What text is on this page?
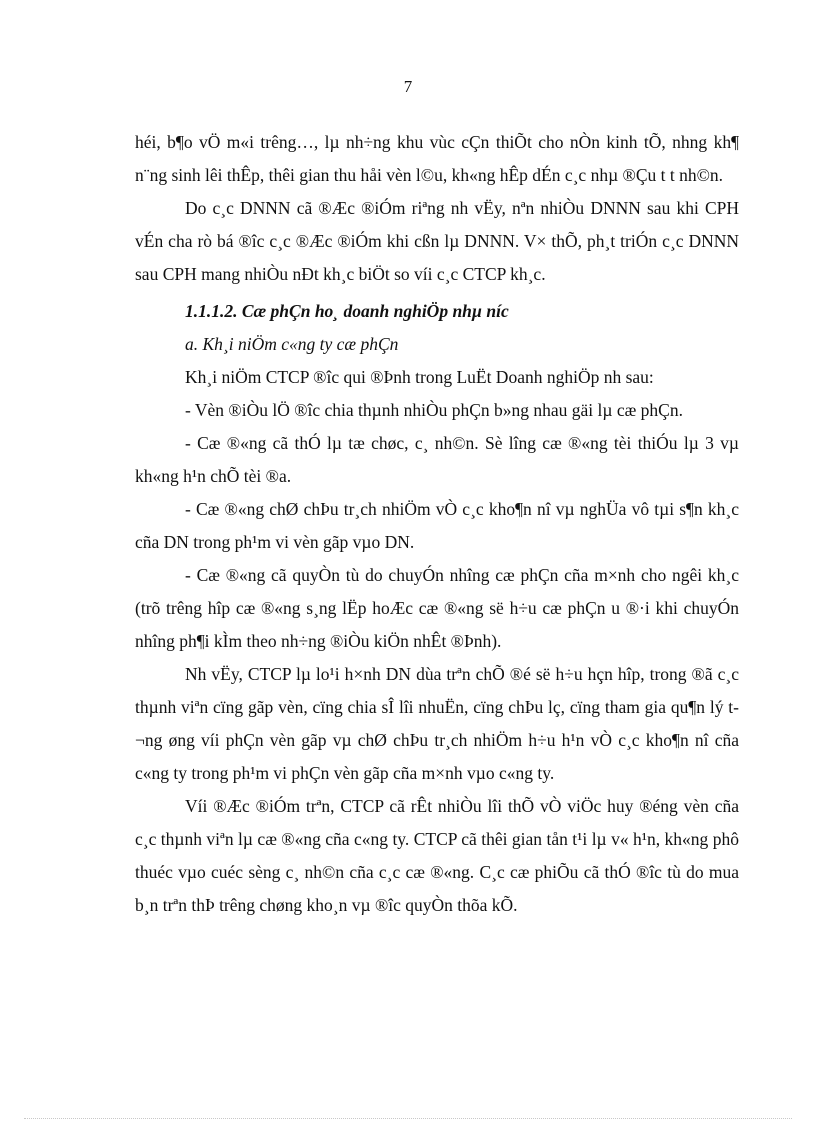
7

héi, b¶o vÖ m«i trêng…, lµ nh÷ng khu vùc cÇn thiÕt cho nÒn kinh tÕ, nhng kh¶ n¨ng sinh lêi thÊp, thêi gian thu håi vèn l©u, kh«ng hÊp dÉn c¸c nhµ ®Çu t t nh©n.

Do c¸c DNNN cã ®Æc ®iÓm riªng nh vËy, nªn nhiÒu DNNN sau khi CPH vÉn cha rò bá ®îc c¸c ®Æc ®iÓm khi cßn lµ DNNN. V× thÕ, ph¸t triÓn c¸c DNNN sau CPH mang nhiÒu nÐt kh¸c biÖt so víi c¸c CTCP kh¸c.

1.1.1.2. Cæ phÇn ho¸ doanh nghiÖp nhµ níc

a. Kh¸i niÖm c«ng ty cæ phÇn

Kh¸i niÖm CTCP ®îc qui ®Þnh trong LuËt Doanh nghiÖp nh sau:

- Vèn ®iÒu lÖ ®îc chia thµnh nhiÒu phÇn b»ng nhau gäi lµ cæ phÇn.

- Cæ ®«ng cã thÓ lµ tæ chøc, c¸ nh©n. Sè lîng cæ ®«ng tèi thiÓu lµ 3 vµ kh«ng h¹n chÕ tèi ®a.

- Cæ ®«ng chØ chÞu tr¸ch nhiÖm vÒ c¸c kho¶n nî vµ nghÜa vô tµi s¶n kh¸c cña DN trong ph¹m vi vèn gãp vµo DN.

- Cæ ®«ng cã quyÒn tù do chuyÓn nhîng cæ phÇn cña m×nh cho ngêi kh¸c (trõ trêng hîp cæ ®«ng s¸ng lËp hoÆc cæ ®«ng së h÷u cæ phÇn u ®·i khi chuyÓn nhîng ph¶i kÌm theo nh÷ng ®iÒu kiÖn nhÊt ®Þnh).

Nh vËy, CTCP lµ lo¹i h×nh DN dùa trªn chÕ ®é së h÷u hçn hîp, trong ®ã c¸c thµnh viªn cïng gãp vèn, cïng chia sÎ lîi nhuËn, cïng chÞu lç, cïng tham gia qu¶n lý t¬ng øng víi phÇn vèn gãp vµ chØ chÞu tr¸ch nhiÖm h÷u h¹n vÒ c¸c kho¶n nî cña c«ng ty trong ph¹m vi phÇn vèn gãp cña m×nh vµo c«ng ty.

Víi ®Æc ®iÓm trªn, CTCP cã rÊt nhiÒu lîi thÕ vÒ viÖc huy ®éng vèn cña c¸c thµnh viªn lµ cæ ®«ng cña c«ng ty. CTCP cã thêi gian tån t¹i lµ v« h¹n, kh«ng phô thuéc vµo cuéc sèng c¸ nh©n cña c¸c cæ ®«ng. C¸c cæ phiÕu cã thÓ ®îc tù do mua b¸n trªn thÞ trêng chøng kho¸n vµ ®îc quyÒn thõa kÕ.
